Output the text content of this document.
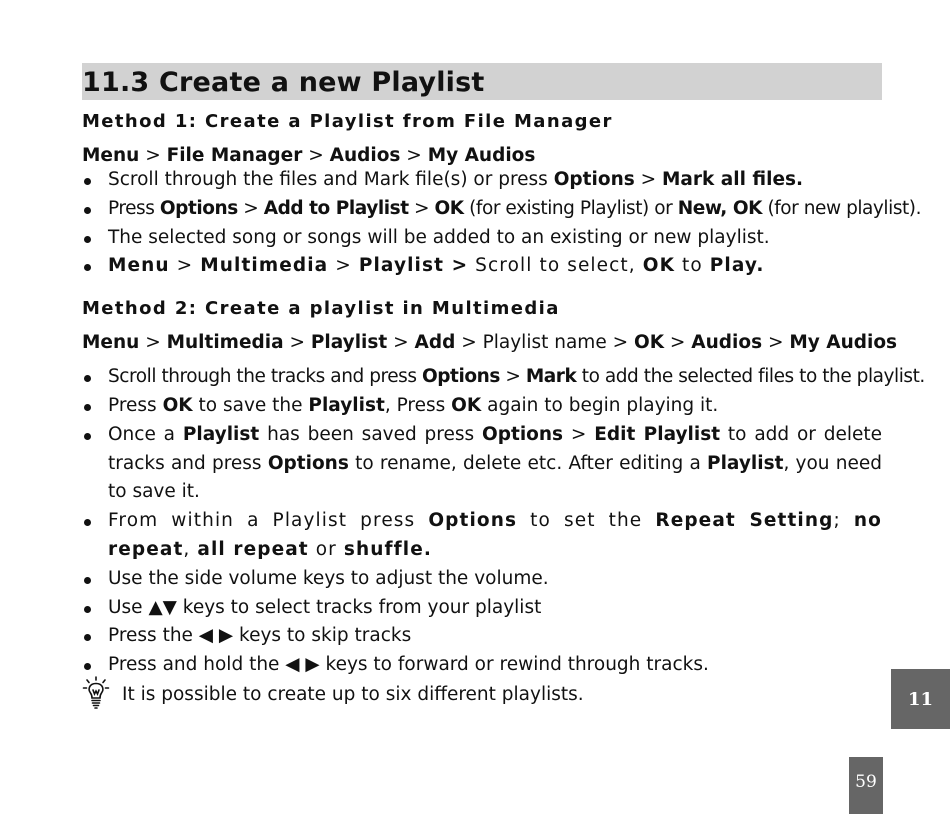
11.3 Create a new Playlist

Method 1: Create a Playlist from File Manager

Menu > File Manager > Audios > My Audios

Scroll through the files and Mark file(s) or press Options > Mark all files.
Press Options > Add to Playlist > OK (for existing Playlist) or New, OK (for new playlist).
The selected song or songs will be added to an existing or new playlist.
Menu > Multimedia > Playlist > Scroll to select, OK to Play.

Method 2: Create a playlist in Multimedia

Menu > Multimedia > Playlist > Add > Playlist name > OK > Audios > My Audios

Scroll through the tracks and press Options > Mark to add the selected files to the playlist.
Press OK to save the Playlist, Press OK again to begin playing it.
Once a Playlist has been saved press Options > Edit Playlist to add or delete tracks and press Options to rename, delete etc. After editing a Playlist, you need to save it.
From within a Playlist press Options to set the Repeat Setting; no repeat, all repeat or shuffle.
Use the side volume keys to adjust the volume.
Use ▲▼ keys to select tracks from your playlist
Press the ◀ ▶ keys to skip tracks
Press and hold the ◀ ▶ keys to forward or rewind through tracks.
It is possible to create up to six different playlists.	11
59
